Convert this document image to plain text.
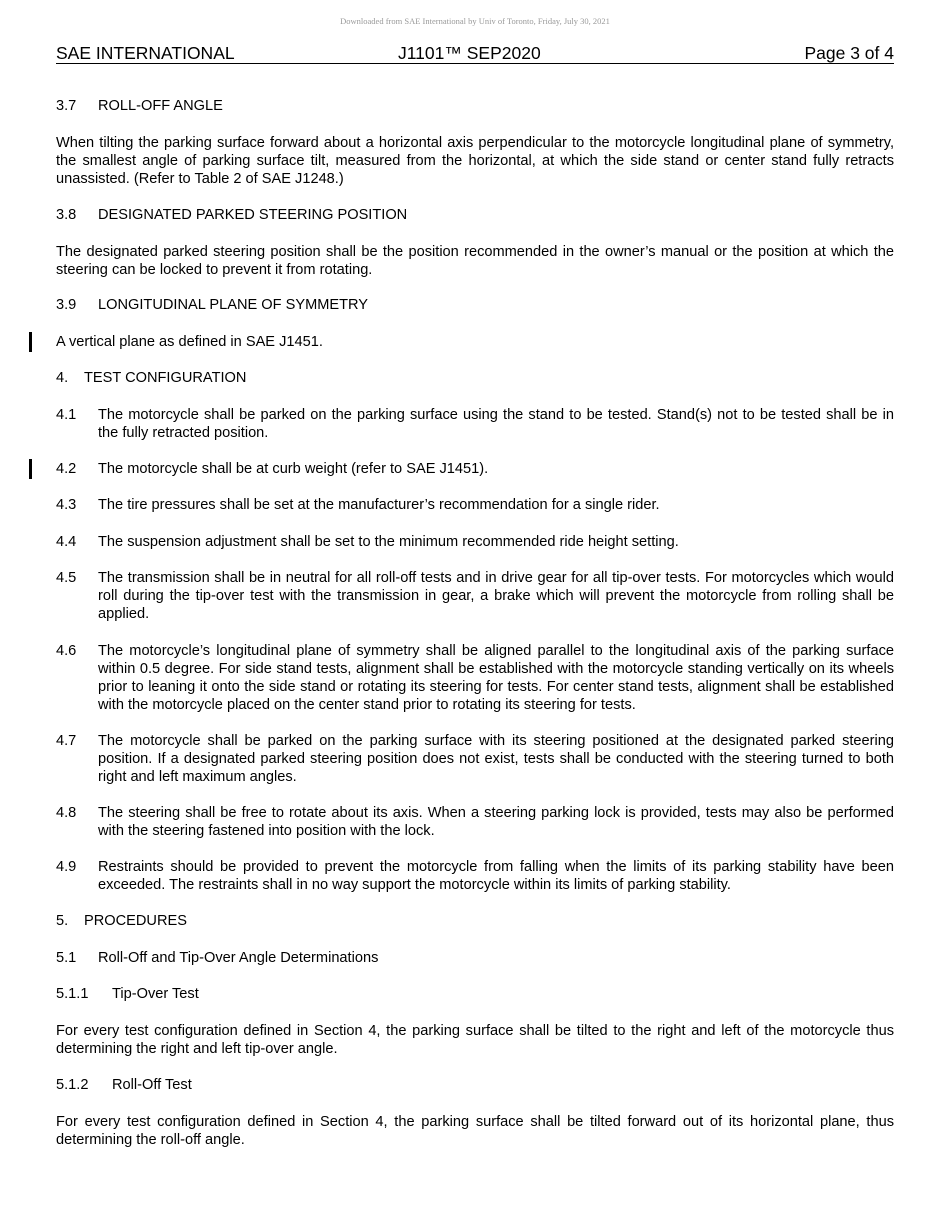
Downloaded from SAE International by Univ of Toronto, Friday, July 30, 2021
SAE INTERNATIONAL	J1101™ SEP2020	Page 3 of 4
3.7 ROLL-OFF ANGLE
When tilting the parking surface forward about a horizontal axis perpendicular to the motorcycle longitudinal plane of symmetry, the smallest angle of parking surface tilt, measured from the horizontal, at which the side stand or center stand fully retracts unassisted. (Refer to Table 2 of SAE J1248.)
3.8 DESIGNATED PARKED STEERING POSITION
The designated parked steering position shall be the position recommended in the owner’s manual or the position at which the steering can be locked to prevent it from rotating.
3.9 LONGITUDINAL PLANE OF SYMMETRY
A vertical plane as defined in SAE J1451.
4. TEST CONFIGURATION
4.1 The motorcycle shall be parked on the parking surface using the stand to be tested. Stand(s) not to be tested shall be in the fully retracted position.
4.2 The motorcycle shall be at curb weight (refer to SAE J1451).
4.3 The tire pressures shall be set at the manufacturer’s recommendation for a single rider.
4.4 The suspension adjustment shall be set to the minimum recommended ride height setting.
4.5 The transmission shall be in neutral for all roll-off tests and in drive gear for all tip-over tests. For motorcycles which would roll during the tip-over test with the transmission in gear, a brake which will prevent the motorcycle from rolling shall be applied.
4.6 The motorcycle’s longitudinal plane of symmetry shall be aligned parallel to the longitudinal axis of the parking surface within 0.5 degree. For side stand tests, alignment shall be established with the motorcycle standing vertically on its wheels prior to leaning it onto the side stand or rotating its steering for tests. For center stand tests, alignment shall be established with the motorcycle placed on the center stand prior to rotating its steering for tests.
4.7 The motorcycle shall be parked on the parking surface with its steering positioned at the designated parked steering position. If a designated parked steering position does not exist, tests shall be conducted with the steering turned to both right and left maximum angles.
4.8 The steering shall be free to rotate about its axis. When a steering parking lock is provided, tests may also be performed with the steering fastened into position with the lock.
4.9 Restraints should be provided to prevent the motorcycle from falling when the limits of its parking stability have been exceeded. The restraints shall in no way support the motorcycle within its limits of parking stability.
5. PROCEDURES
5.1 Roll-Off and Tip-Over Angle Determinations
5.1.1 Tip-Over Test
For every test configuration defined in Section 4, the parking surface shall be tilted to the right and left of the motorcycle thus determining the right and left tip-over angle.
5.1.2 Roll-Off Test
For every test configuration defined in Section 4, the parking surface shall be tilted forward out of its horizontal plane, thus determining the roll-off angle.
